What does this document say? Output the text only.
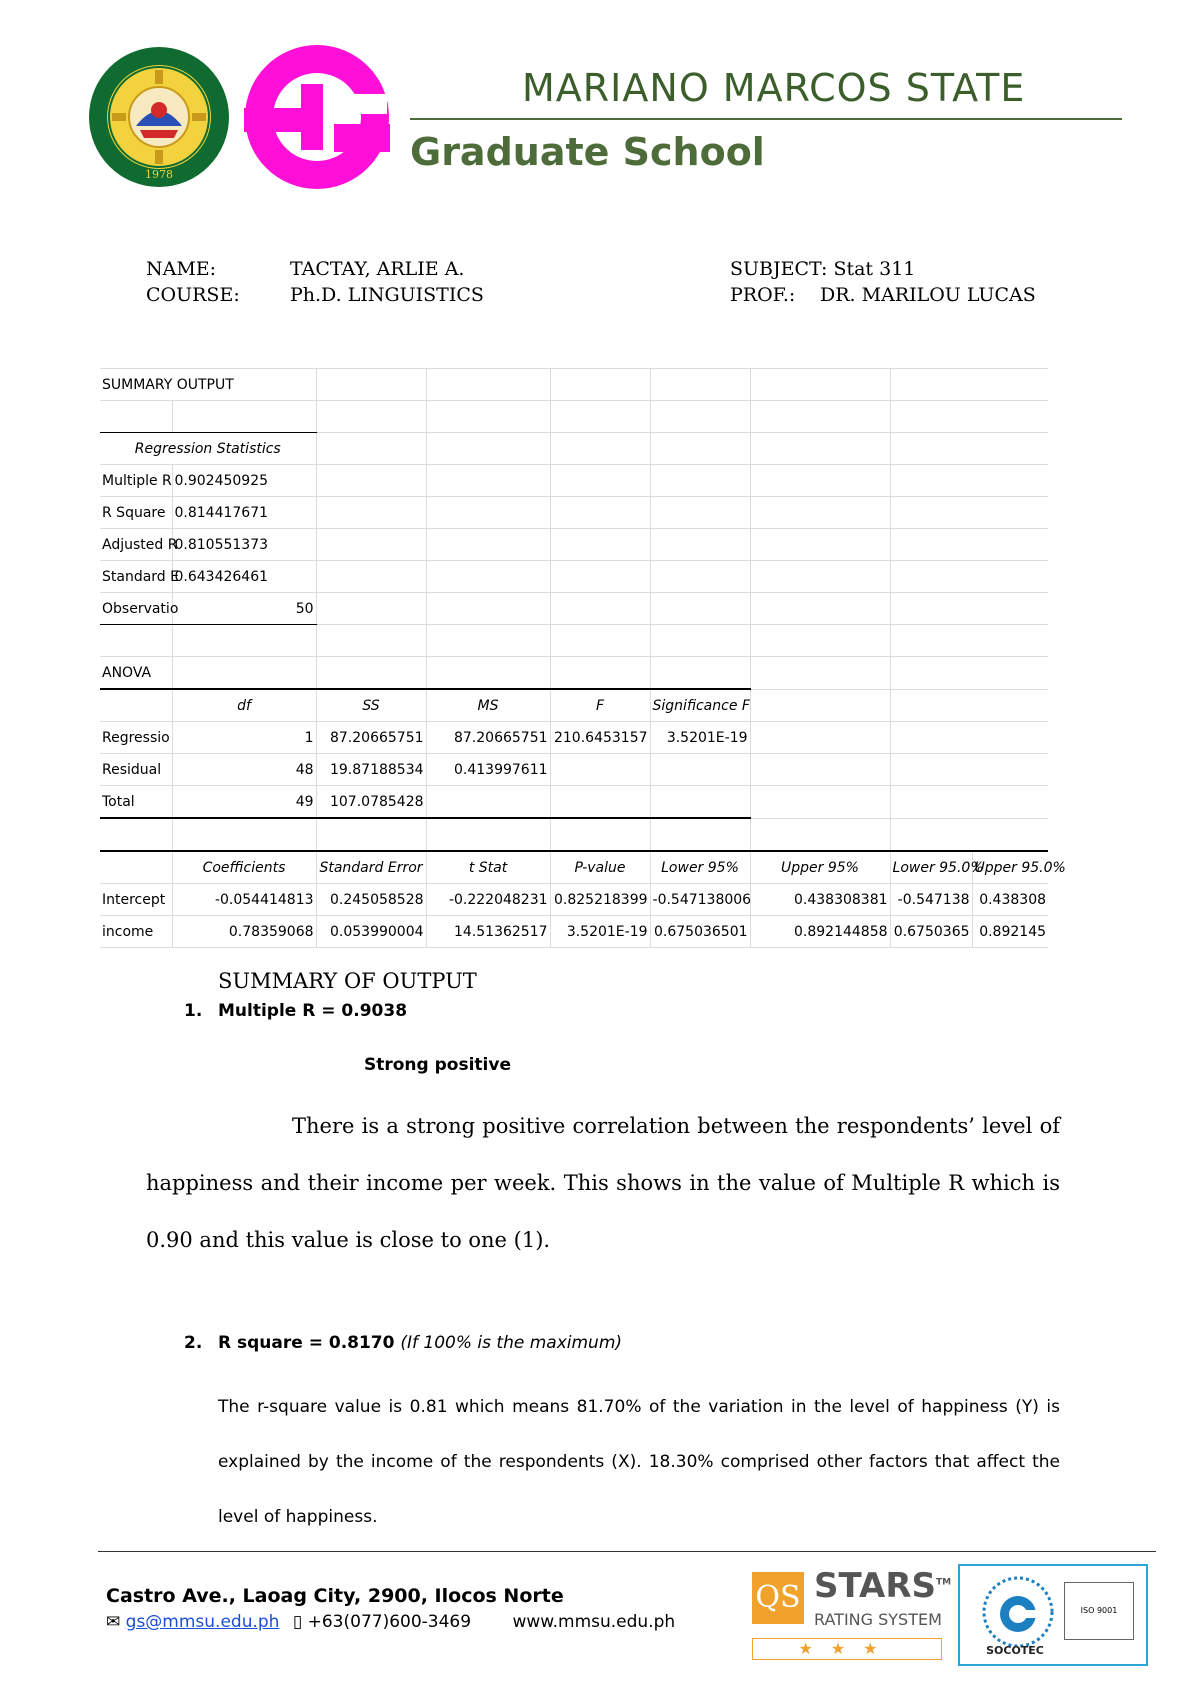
1978
MARIANO MARCOS STATE
Graduate School
NAME:	TACTAY, ARLIE A.
COURSE:	Ph.D. LINGUISTICS
SUBJECT: Stat 311
PROF.: DR. MARILOU LUCAS
SUMMARY OUTPUT								

Regression Statistics								
Multiple R	0.902450925							
R Square	0.814417671							
Adjusted R	0.810551373							
Standard E	0.643426461							
Observatio	50							

ANOVA								
	df	SS	MS	F	Significance F			
Regressio	1	87.20665751	87.20665751	210.6453157	3.5201E-19			
Residual	48	19.87188534	0.413997611					
Total	49	107.0785428						

	Coefficients	Standard Error	t Stat	P-value	Lower 95%	Upper 95%	Lower 95.0%	Upper 95.0%
Intercept	-0.054414813	0.245058528	-0.222048231	0.825218399	-0.547138006	0.438308381	-0.547138	0.438308
income	0.78359068	0.053990004	14.51362517	3.5201E-19	0.675036501	0.892144858	0.6750365	0.892145
SUMMARY OF OUTPUT
1. Multiple R = 0.9038
Strong positive
There is a strong positive correlation between the respondents’ level of happiness and their income per week. This shows in the value of Multiple R which is 0.90 and this value is close to one (1).
2. R square = 0.8170 (If 100% is the maximum)
The r-square value is 0.81 which means 81.70% of the variation in the level of happiness (Y) is explained by the income of the respondents (X). 18.30% comprised other factors that affect the level of happiness.
Castro Ave., Laoag City, 2900, Ilocos Norte
✉ gs@mmsu.edu.ph ▯ +63(077)600-3469 www.mmsu.edu.ph
QS STARS™
RATING SYSTEM
★★★	SOCOTEC
ISO 9001
